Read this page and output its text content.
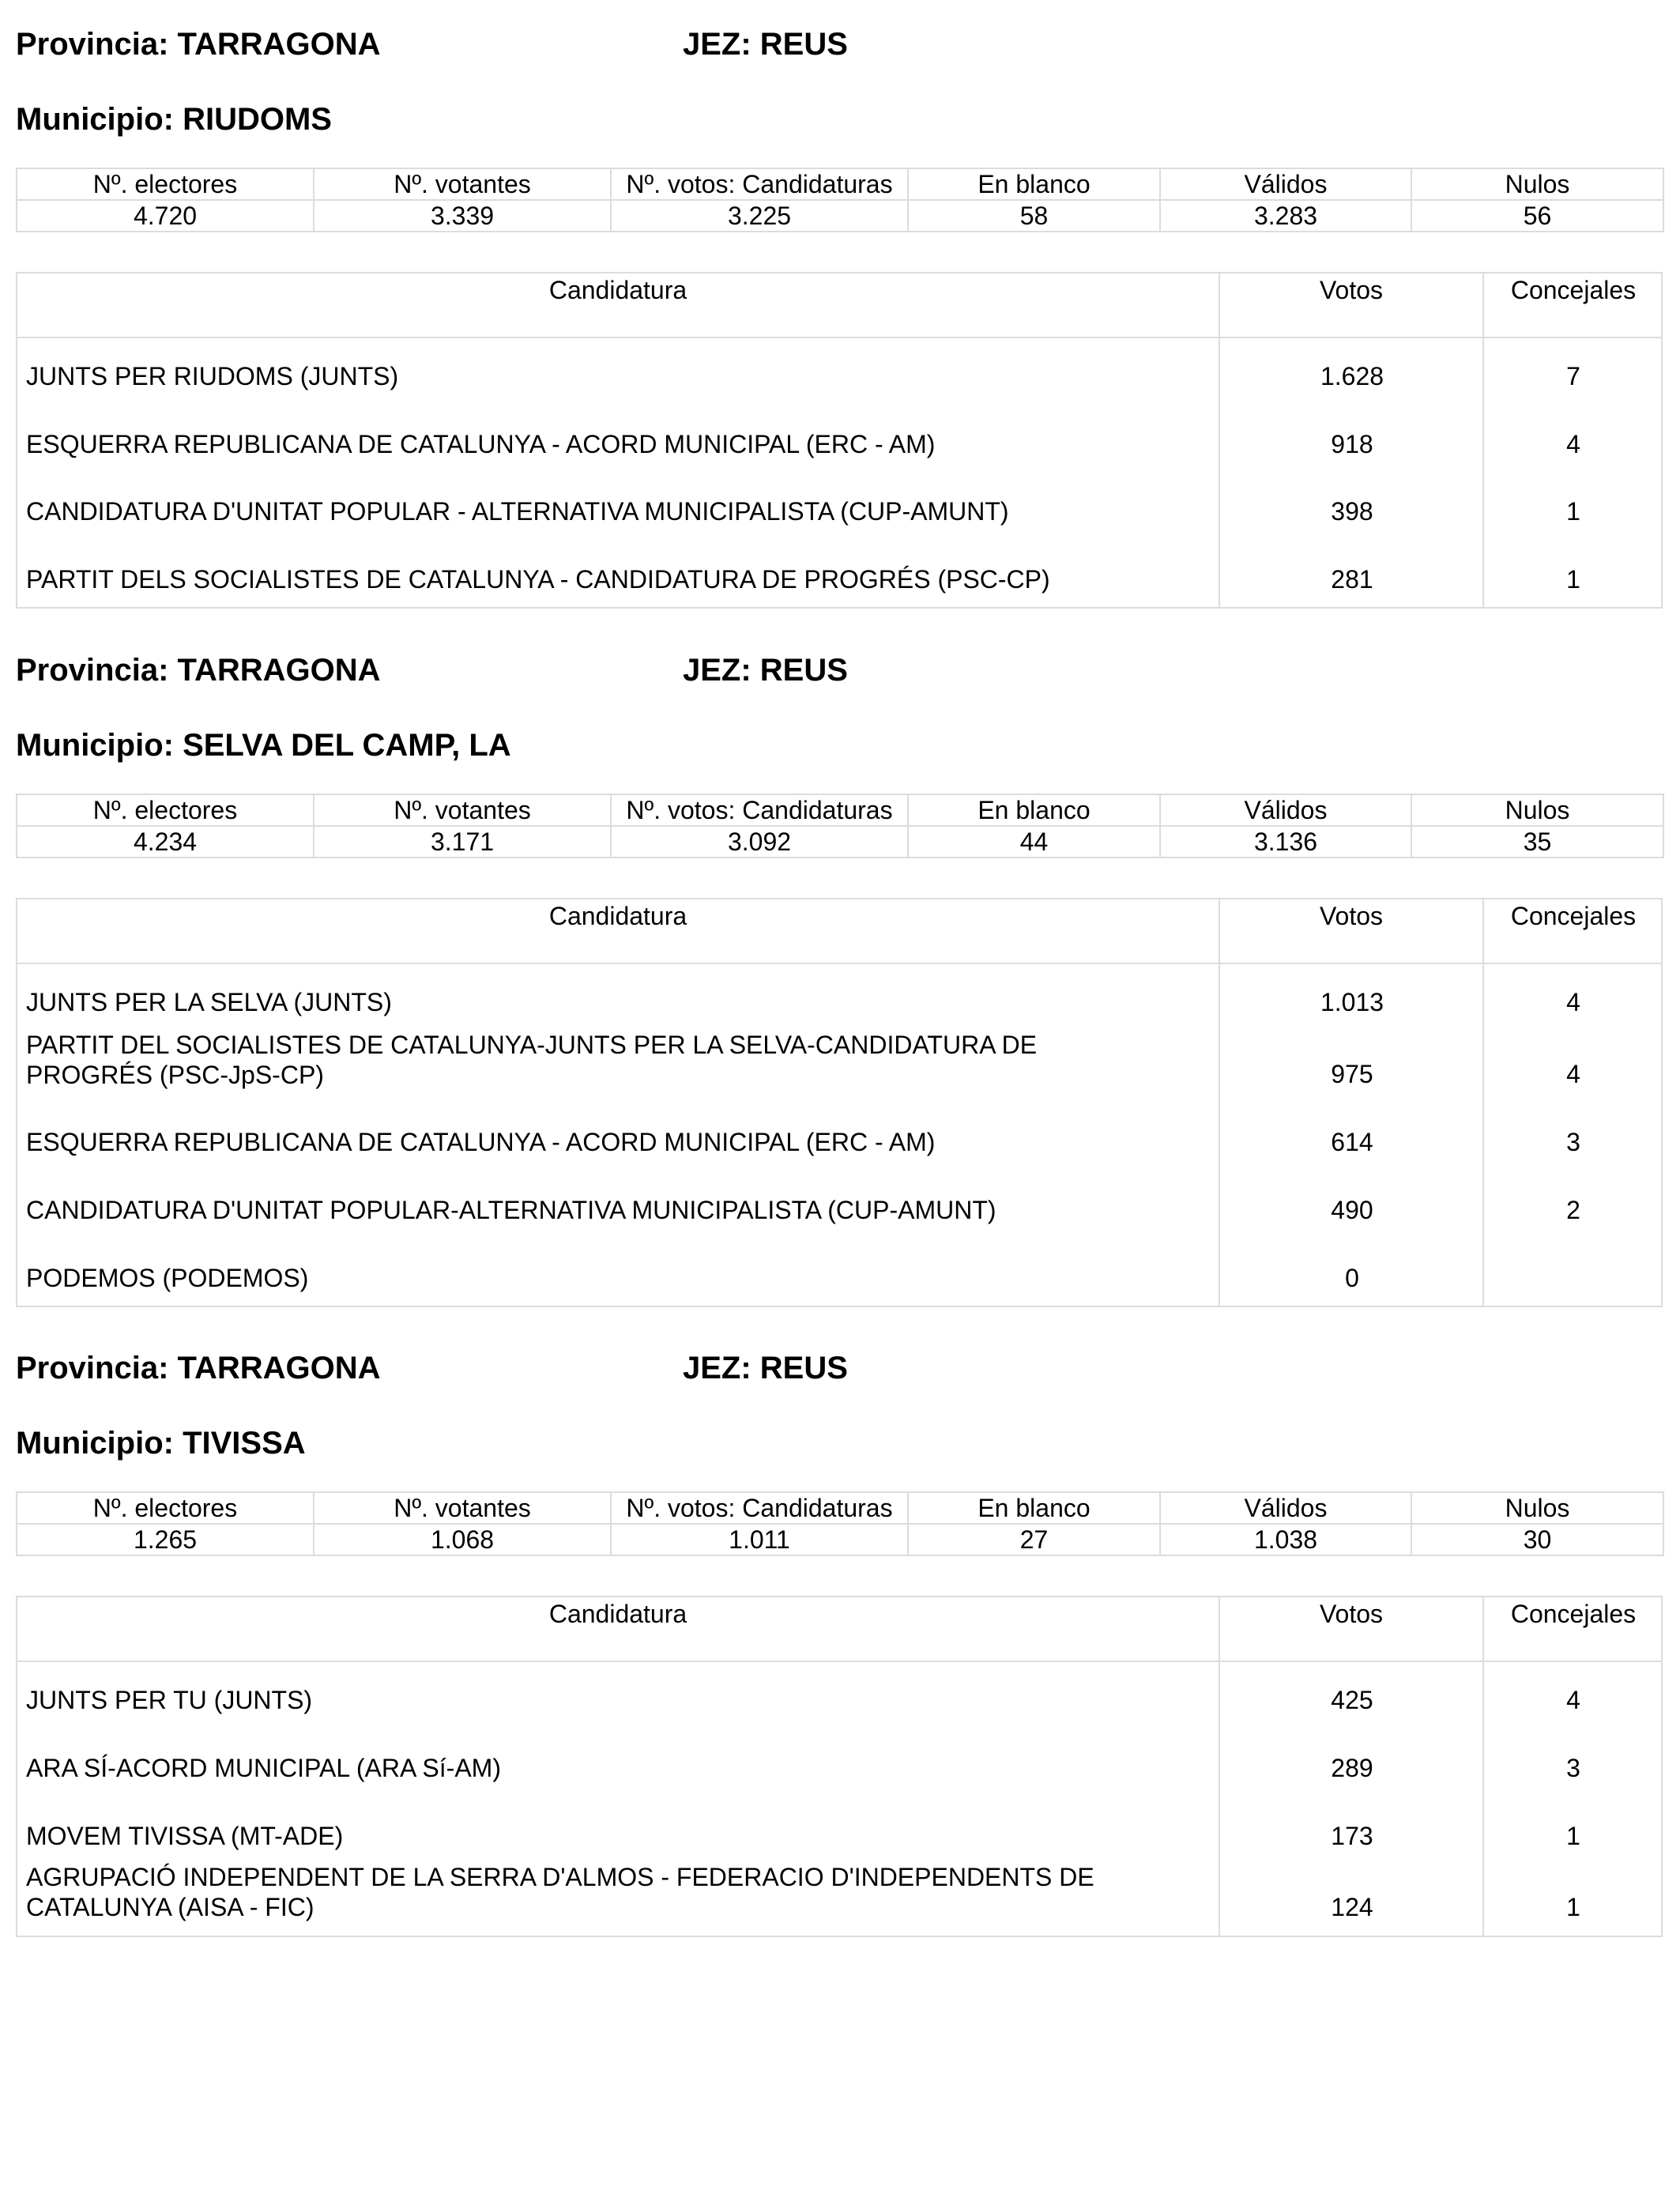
Provincia: TARRAGONA	JEZ: REUS
Municipio: RIUDOMS
Nº. electores	Nº. votantes	Nº. votos: Candidaturas	En blanco	Válidos	Nulos
4.720	3.339	3.225	58	3.283	56
Candidatura	Votos	Concejales
JUNTS PER RIUDOMS (JUNTS)	1.628	7
ESQUERRA REPUBLICANA DE CATALUNYA - ACORD MUNICIPAL (ERC - AM)	918	4
CANDIDATURA D'UNITAT POPULAR - ALTERNATIVA MUNICIPALISTA (CUP-AMUNT)	398	1
PARTIT DELS SOCIALISTES DE CATALUNYA - CANDIDATURA DE PROGRÉS (PSC-CP)	281	1
Provincia: TARRAGONA	JEZ: REUS
Municipio: SELVA DEL CAMP, LA
Nº. electores	Nº. votantes	Nº. votos: Candidaturas	En blanco	Válidos	Nulos
4.234	3.171	3.092	44	3.136	35
Candidatura	Votos	Concejales
JUNTS PER LA SELVA (JUNTS)	1.013	4
PARTIT DEL SOCIALISTES DE CATALUNYA-JUNTS PER LA SELVA-CANDIDATURA DE PROGRÉS (PSC-JpS-CP)	975	4
ESQUERRA REPUBLICANA DE CATALUNYA - ACORD MUNICIPAL (ERC - AM)	614	3
CANDIDATURA D'UNITAT POPULAR-ALTERNATIVA MUNICIPALISTA (CUP-AMUNT)	490	2
PODEMOS (PODEMOS)	0
Provincia: TARRAGONA	JEZ: REUS
Municipio: TIVISSA
Nº. electores	Nº. votantes	Nº. votos: Candidaturas	En blanco	Válidos	Nulos
1.265	1.068	1.011	27	1.038	30
Candidatura	Votos	Concejales
JUNTS PER TU (JUNTS)	425	4
ARA SÍ-ACORD MUNICIPAL (ARA Sí-AM)	289	3
MOVEM TIVISSA (MT-ADE)	173	1
AGRUPACIÓ INDEPENDENT DE LA SERRA D'ALMOS - FEDERACIO D'INDEPENDENTS DE CATALUNYA (AISA - FIC)	124	1
